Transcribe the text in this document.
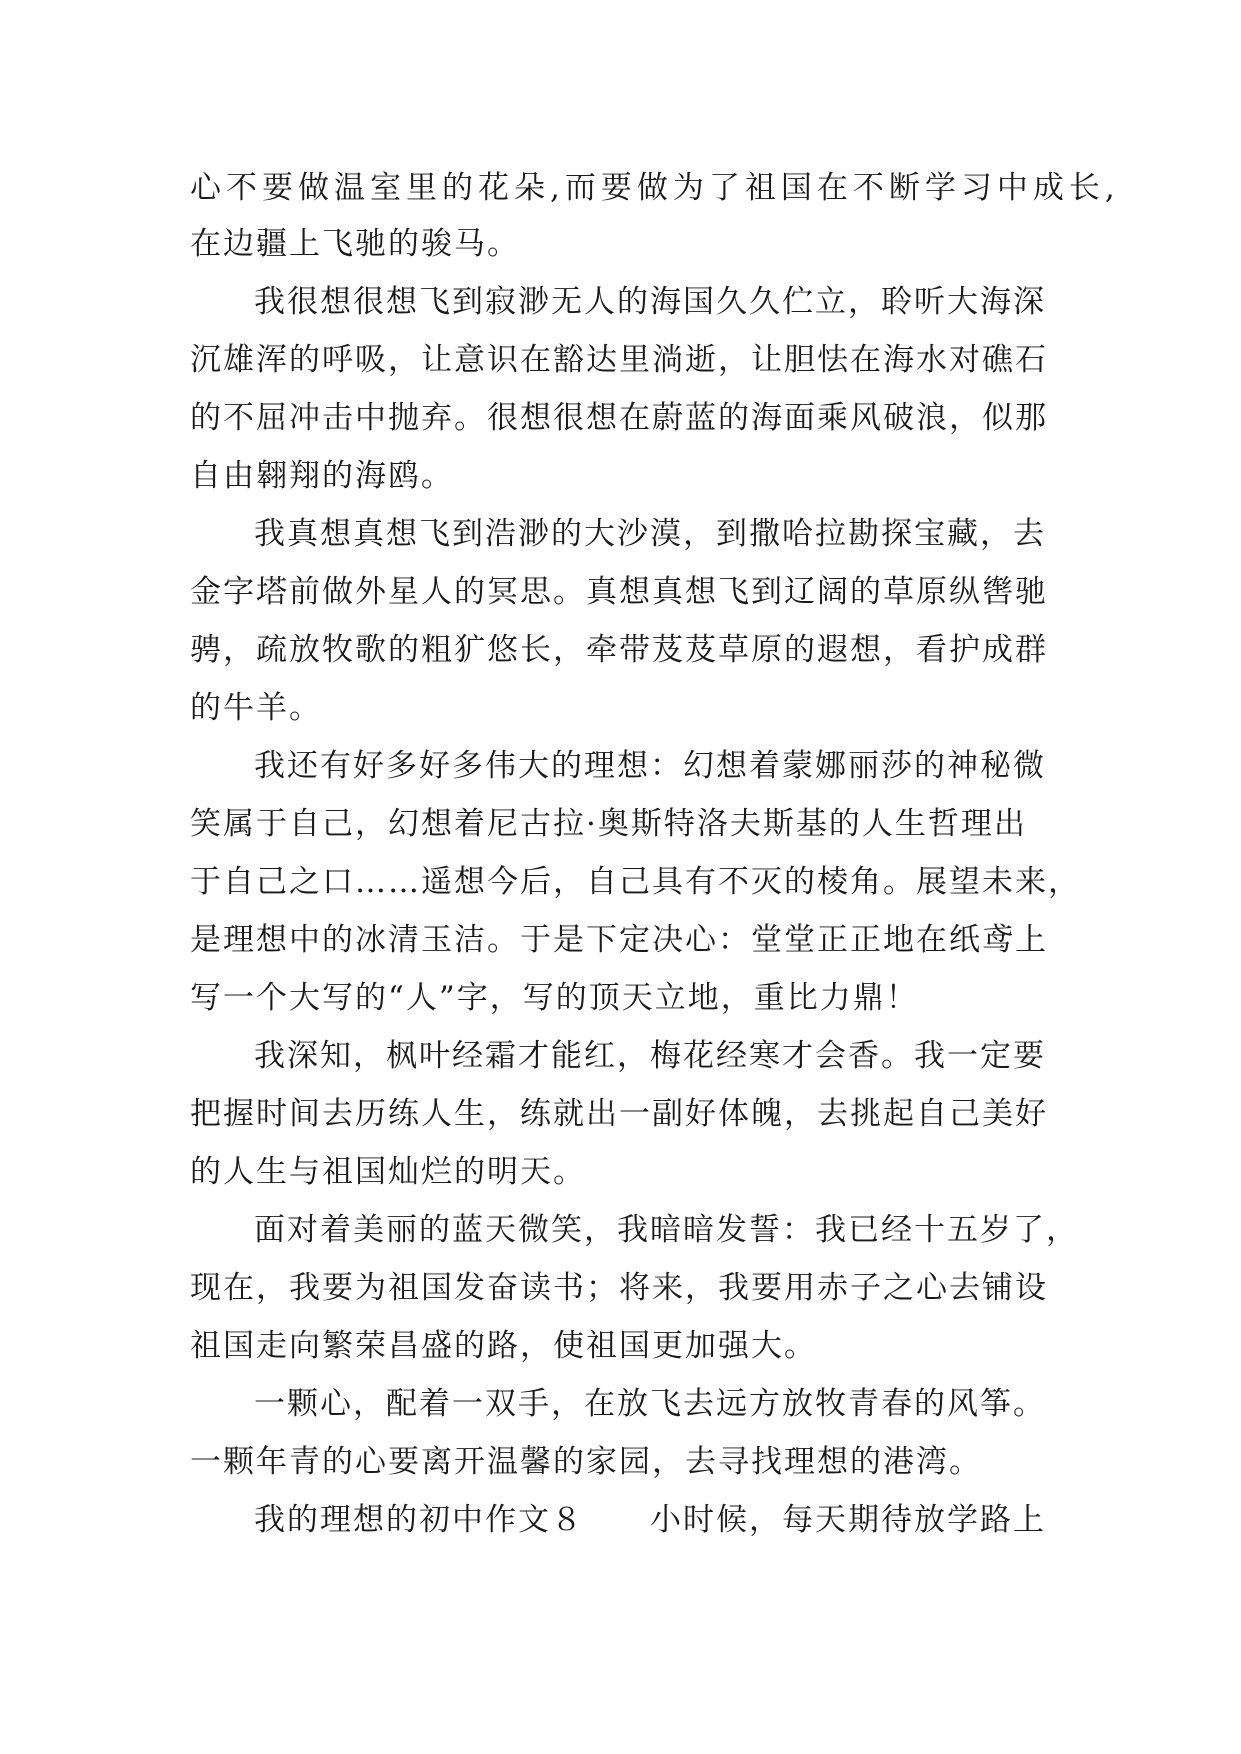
心不要做温室里的花朵,而要做为了祖国在不断学习中成长,
在边疆上飞驰的骏马。
我很想很想飞到寂渺无人的海国久久伫立，聆听大海深
沉雄浑的呼吸，让意识在豁达里淌逝，让胆怯在海水对礁石
的不屈冲击中抛弃。很想很想在蔚蓝的海面乘风破浪，似那
自由翱翔的海鸥。
我真想真想飞到浩渺的大沙漠，到撒哈拉勘探宝藏，去
金字塔前做外星人的冥思。真想真想飞到辽阔的草原纵辔驰
骋，疏放牧歌的粗犷悠长，牵带芨芨草原的遐想，看护成群
的牛羊。
我还有好多好多伟大的理想：幻想着蒙娜丽莎的神秘微
笑属于自己，幻想着尼古拉·奥斯特洛夫斯基的人生哲理出
于自己之口……遥想今后，自己具有不灭的棱角。展望未来，
是理想中的冰清玉洁。于是下定决心：堂堂正正地在纸鸢上
写一个大写的“人”字，写的顶天立地，重比力鼎！
我深知，枫叶经霜才能红，梅花经寒才会香。我一定要
把握时间去历练人生，练就出一副好体魄，去挑起自己美好
的人生与祖国灿烂的明天。
面对着美丽的蓝天微笑，我暗暗发誓：我已经十五岁了，
现在，我要为祖国发奋读书；将来，我要用赤子之心去铺设
祖国走向繁荣昌盛的路，使祖国更加强大。
一颗心，配着一双手，在放飞去远方放牧青春的风筝。
一颗年青的心要离开温馨的家园，去寻找理想的港湾。
我的理想的初中作文８　　小时候，每天期待放学路上
